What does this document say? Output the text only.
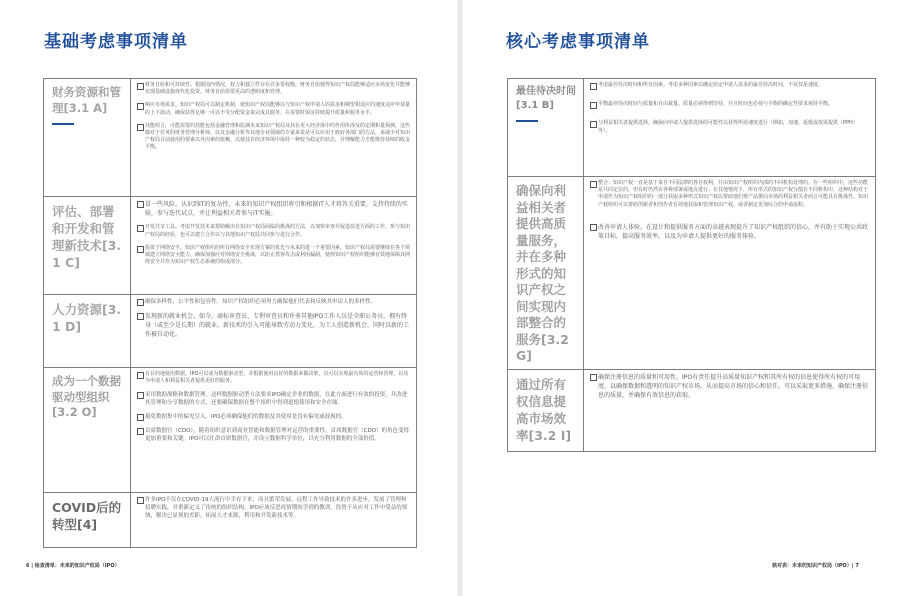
基础考虑事项清单	核心考虑事项清单
财务资源和管理[3.1 A]	财务自给和可持续性。根据国内情况，权力和独立性存在许多要权衡。财务自给使得知识产权局能够适应市场变化并能够实现基础设施现代化投资。财务自给需要更高的透明度和管理。
响应市场需求。知识产权局可以制定机制，使知识产权局能够以与知识产权申请人的需求和期望相适应的速度适应申请量的上下波动，确保获得足够一可以不受分配资金来完成其服务，在需要时保证持续提升质量和服务水平。
技能组合。可能需要的技能包括金融管理和监测未来知识产权局及其在更大经济体中的作用所涉及的定期和量预测。这些都对于任务的财务管理分析师，以及金融分析等其他专业领域的专家来说是可以应用于政府各部门的方法，来减少对知识产权局目前使用的要素以外因素的依赖，以使其在经济环境中保持一种较为稳定的状态，并理解能力才能维持持续的收支平衡。

评估、部署和开发和管理新技术[3.1 C]	冒一些风险。认识到IT的复杂性，未来的知识产权组织将引和根据IT人才将答关重要，支持持续的实验，参与迭代试点，并让利益相关者参与IT实施。
开发共享工具。考虑开发技术来帮助解决在知识产权局面临的挑战的方法，以加快审查并促进改进方面的工作，参与知识产权局的经验，也可以建立合作以与其他知识产权局共同参与进行合作。
投资于网络安全。知识产权组织的所有网络安全实现方案的优先与未来的进一个重要因素。知识产权局需要继续在各个领域建立网络安全能力，确保加强应对网络安全挑战，以防止黑客攻击或利用漏洞，使得知识产权组织能够有效地保障其网络安全并作为知识产权生态系统的组成部分。

人力资源[3.1 D]	确保多样性、公平性和包容性。知识产权组织必须努力确保他们代表和反映其申请人的多样性。
发现新的就业机会。如今，商标审查员、专利审查员和许多其他IPO工作人员是全职公务员，拥有终身（或至少是长期）的就业。新技术的引入可能导致劳动力变化，为工人创造新机会，同时以新的工作被自动化。

成为一个数据驱动型组织[3.2 O]	有目的地使用数据。IPO可以成为数据驱动型，并根据使用良好的数据来做决策，以可以实现最有效的运营和管理，以及为申请人和利益相关者提供更好的服务。
采用数据战略和数据管理。这样数据驱动型方法要求IPO确定企业的数据，在此方面进行有效的投资，并改进其管理和分享数据的方式，还要确保数据在整个组织中得到道德使用和安全存储。
避免数据集中的偏见引入。IPO必须确保他们的数据及其使用是没有偏见或歧视的。
首席数据官（CDO）。随着组织意识到商业智能和数据管理对运营的重要性，首席数据官（CDO）的角色变得更加重要和关键。IPO可以任命首席数据官，并设立数据科学单位，以充分利用数据的全部价值。

COVID后的转型[4]	许多IPO不仅在COVID-19大流行中幸存下来，而且繁荣发展。远程工作导致技术的许多进步，发展了管理和招聘实践，并重新定义了传统的组织结构。IPO应该反思疫情期间学到的教训，投资于从应对工作中受益的领域，解决已显现的差距，拓展人才来源，利用和开发新技术等。
最佳待决时间[3.1 B]	考虑最佳待决时间和所有因素。考虑多种因素以确定给定申请人需求的最佳待决时间，不仅仅是速度。
平衡最佳待决时间与质量和自由裁量。质量必须得到坚持，并且时间也必须与平衡的确定性要求保持平衡。
与利益相关者提供选择。确保向申请人提供选择的可能性以获得所需速度进行（例如，加速、延缓或按需提供（PPH）等）。

确保向利益相关者提供高质量服务，并在多种形式的知识产权之间实现内部整合的服务[3.2 G]	整合：知识产权一直是基于来自不同法律的各自权利，并由知识产权组织内部的不同机构处理的。在一些组织中，这些功能是共同定位的，但有时仍然在各种部署或地点进行。在其他情况下，所有形式的知识产权分散在不同机构中，这种结构对于申请作为知识产权组织的一部分获取多种形式知识产权以帮助他们将产品推向市场的利益相关者而言可能具有挑战性。知识产权组织可以帮助创新者和创作者有效地获取和管理知识产权，或者制定更加综合的申请流程。
改善申请人体验。在设计和提供服务方面的卓越表现提升了知识产权组织的信心，并有助于实现公共政策目标，提高服务效率，以及为申请人提供更好的服务体验。

通过所有权信息提高市场效率[3.2 I]	确保注册信息的质量和可用性。IPO有责任提升高质量知识产权和其所有权的信息使得所有权的可用度，以确保数据和透明的知识产权市场，从而提高市场的信心和信任。可以采取更多措施，确保注册信息的质量，并确保有效信息的获取。
6 | 检查清单：未来的知识产权局（IPO）	核对表：未来的知识产权局（IPO）| 7
